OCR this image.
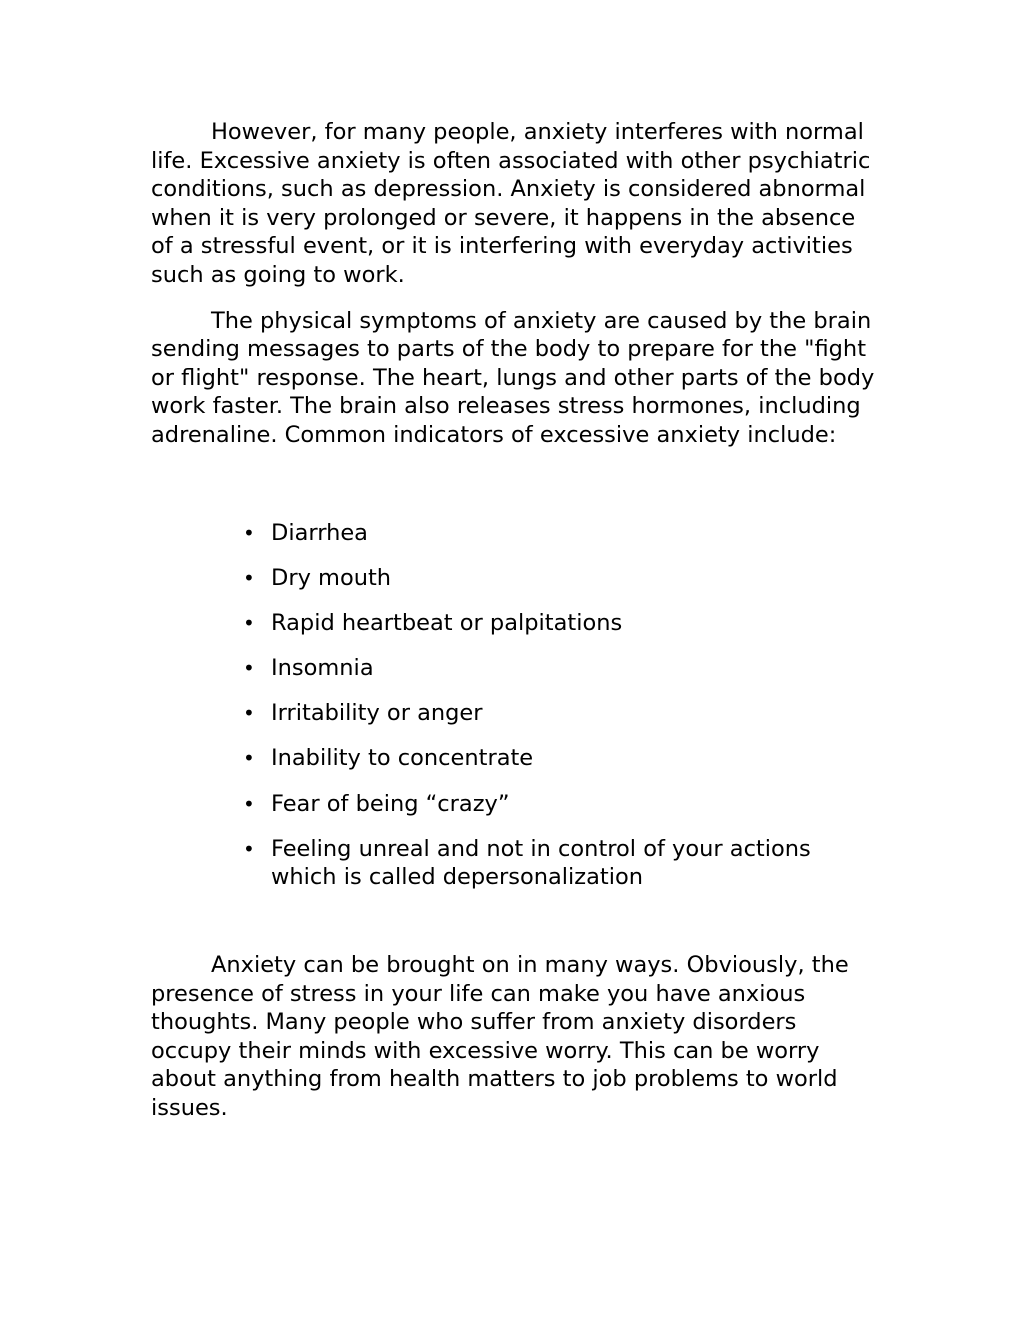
However, for many people, anxiety interferes with normal life. Excessive anxiety is often associated with other psychiatric conditions, such as depression. Anxiety is considered abnormal when it is very prolonged or severe, it happens in the absence of a stressful event, or it is interfering with everyday activities such as going to work.

The physical symptoms of anxiety are caused by the brain sending messages to parts of the body to prepare for the "fight or flight" response. The heart, lungs and other parts of the body work faster. The brain also releases stress hormones, including adrenaline. Common indicators of excessive anxiety include:

• Diarrhea
• Dry mouth
• Rapid heartbeat or palpitations
• Insomnia
• Irritability or anger
• Inability to concentrate
• Fear of being “crazy”
• Feeling unreal and not in control of your actions which is called depersonalization

Anxiety can be brought on in many ways. Obviously, the presence of stress in your life can make you have anxious thoughts. Many people who suffer from anxiety disorders occupy their minds with excessive worry. This can be worry about anything from health matters to job problems to world issues.
